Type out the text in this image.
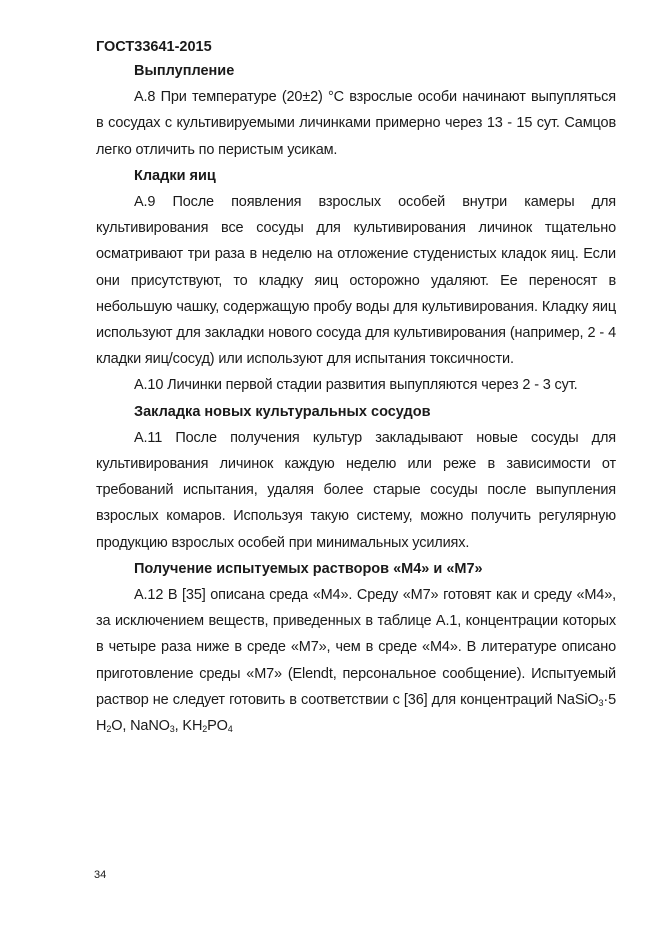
ГОСТ33641-2015
Выплупление

А.8 При температуре (20±2) °С взрослые особи начинают выпупляться в сосудах с культивируемыми личинками примерно через 13 - 15 сут. Самцов легко отличить по перистым усикам.

Кладки яиц

А.9 После появления взрослых особей внутри камеры для культивирования все сосуды для культивирования личинок тщательно осматривают три раза в неделю на отложение студенистых кладок яиц. Если они присутствуют, то кладку яиц осторожно удаляют. Ее переносят в небольшую чашку, содержащую пробу воды для культивирования. Кладку яиц используют для закладки нового сосуда для культивирования (например, 2 - 4 кладки яиц/сосуд) или используют для испытания токсичности.

А.10 Личинки первой стадии развития выпупляются через 2 - 3 сут.

Закладка новых культуральных сосудов

А.11 После получения культур закладывают новые сосуды для культивирования личинок каждую неделю или реже в зависимости от требований испытания, удаляя более старые сосуды после выпупления взрослых комаров. Используя такую систему, можно получить регулярную продукцию взрослых особей при минимальных усилиях.

Получение испытуемых растворов «М4» и «М7»

А.12 В [35] описана среда «М4». Среду «М7» готовят как и среду «М4», за исключением веществ, приведенных в таблице А.1, концентрации которых в четыре раза ниже в среде «М7», чем в среде «М4». В литературе описано приготовление среды «М7» (Elendt, персональное сообщение). Испытуемый раствор не следует готовить в соответствии с [36] для концентраций NaSiO$_3$·5 $H_2O$, NaNO$_3$, $KH_2PO_4$

34
